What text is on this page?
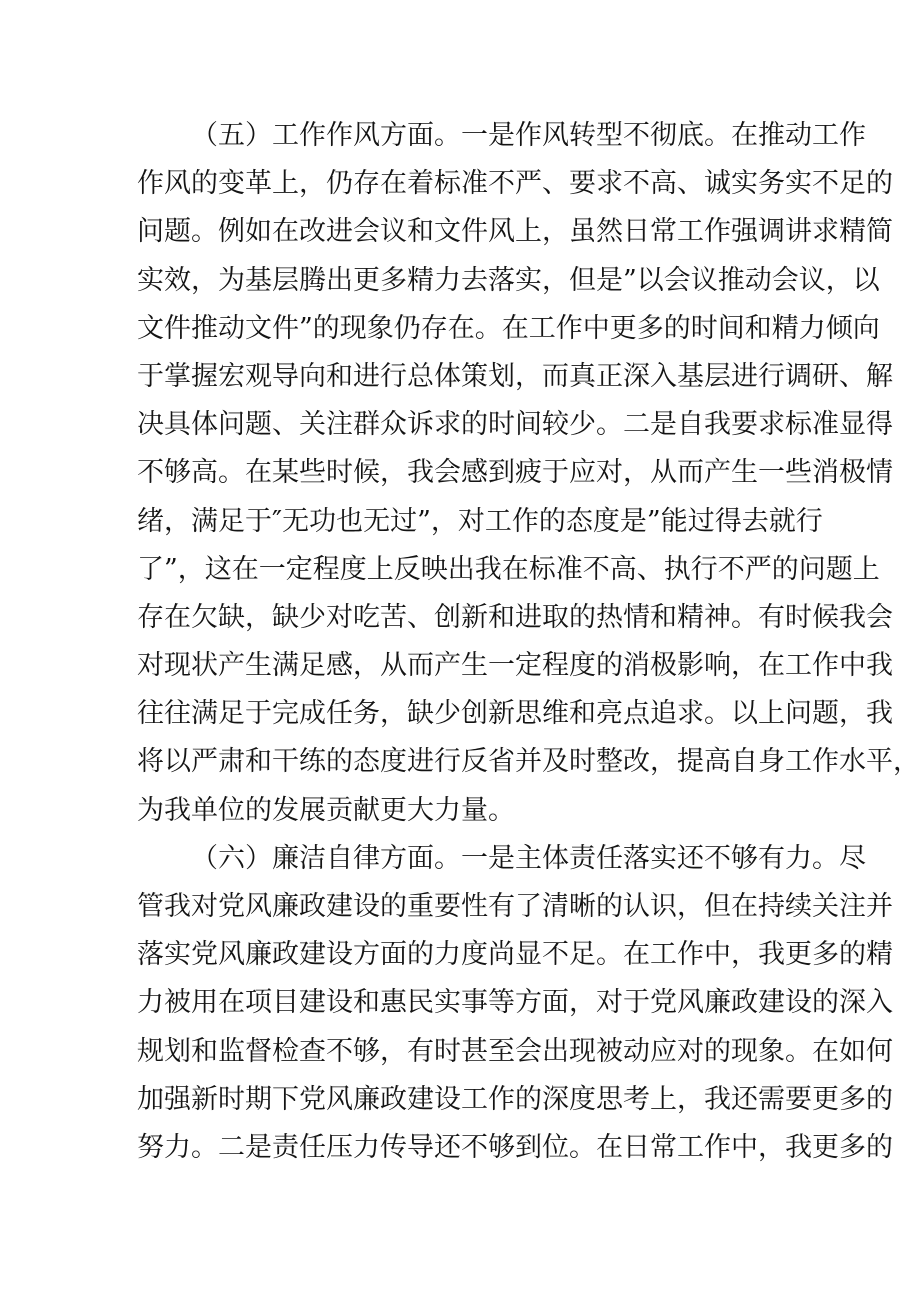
（五）工作作风方面。一是作风转型不彻底。在推动工作
作风的变革上，仍存在着标准不严、要求不高、诚实务实不足的
问题。例如在改进会议和文件风上，虽然日常工作强调讲求精简
实效，为基层腾出更多精力去落实，但是”以会议推动会议，以
文件推动文件”的现象仍存在。在工作中更多的时间和精力倾向
于掌握宏观导向和进行总体策划，而真正深入基层进行调研、解
决具体问题、关注群众诉求的时间较少。二是自我要求标准显得
不够高。在某些时候，我会感到疲于应对，从而产生一些消极情
绪，满足于″无功也无过”，对工作的态度是”能过得去就行
了”，这在一定程度上反映出我在标准不高、执行不严的问题上
存在欠缺，缺少对吃苦、创新和进取的热情和精神。有时候我会
对现状产生满足感，从而产生一定程度的消极影响，在工作中我
往往满足于完成任务，缺少创新思维和亮点追求。以上问题，我
将以严肃和干练的态度进行反省并及时整改，提高自身工作水平，
为我单位的发展贡献更大力量。
（六）廉洁自律方面。一是主体责任落实还不够有力。尽
管我对党风廉政建设的重要性有了清晰的认识，但在持续关注并
落实党风廉政建设方面的力度尚显不足。在工作中，我更多的精
力被用在项目建设和惠民实事等方面，对于党风廉政建设的深入
规划和监督检查不够，有时甚至会出现被动应对的现象。在如何
加强新时期下党风廉政建设工作的深度思考上，我还需要更多的
努力。二是责任压力传导还不够到位。在日常工作中，我更多的
